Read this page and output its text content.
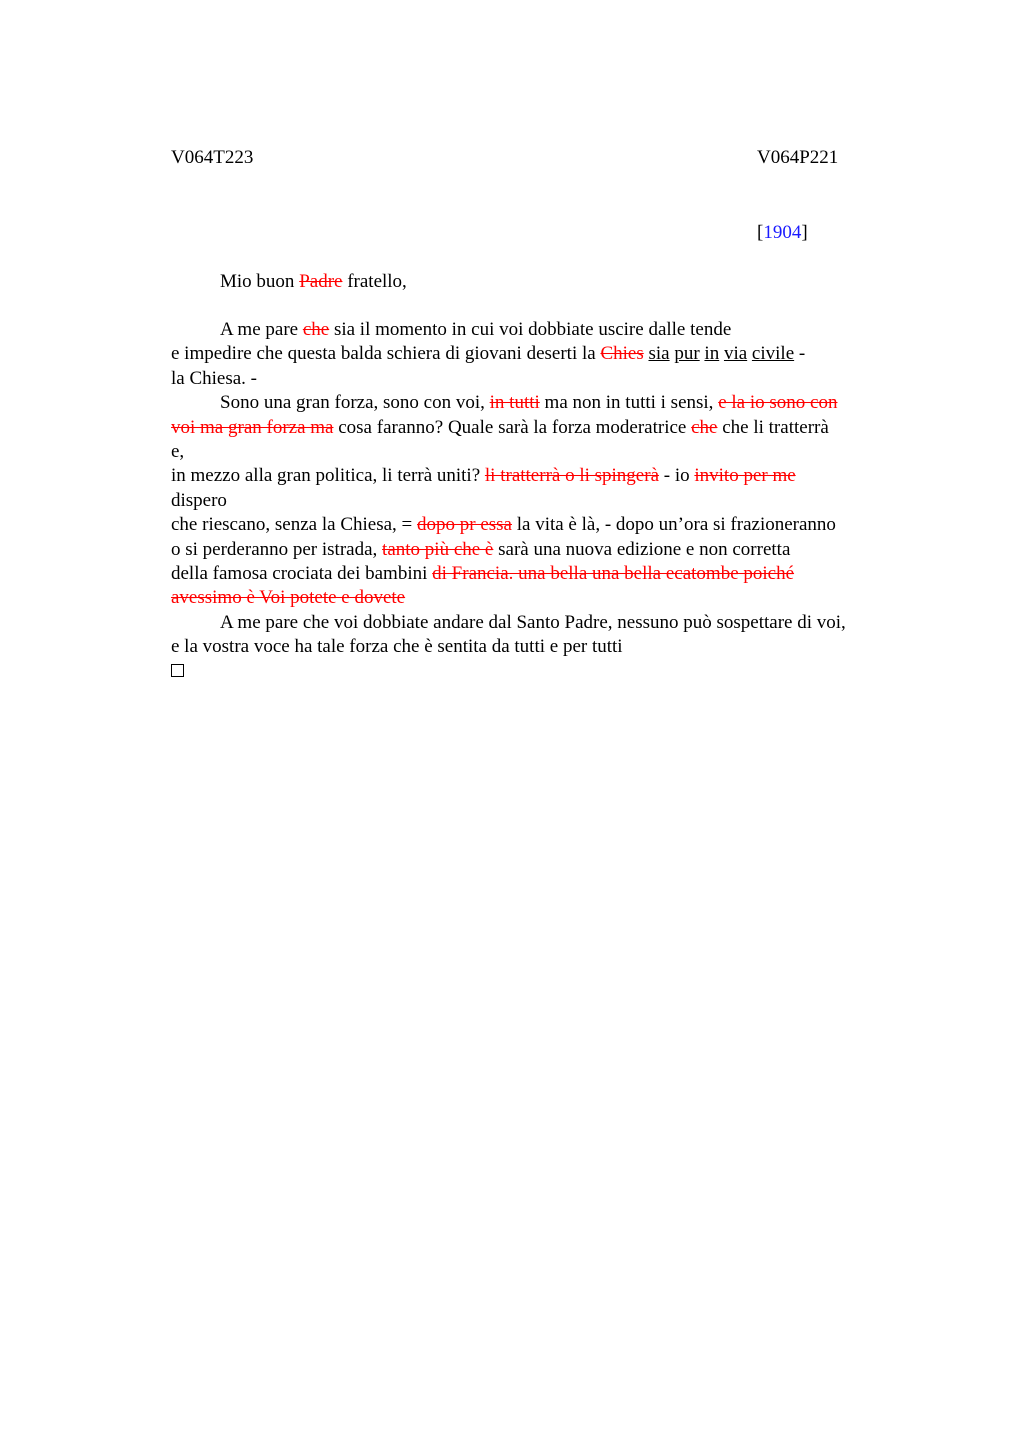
V064T223	V064P221
[1904]
Mio buon Padre fratello,
A me pare che sia il momento in cui voi dobbiate uscire dalle tende
e impedire che questa balda schiera di giovani deserti la Chies sia pur in via civile -
la Chiesa. -
Sono una gran forza, sono con voi, in tutti ma non in tutti i sensi, e la io sono con
voi ma gran forza ma cosa faranno? Quale sarà la forza moderatrice che che li tratterrà
e,
in mezzo alla gran politica, li terrà uniti? li tratterrà o li spingerà - io invito per me
dispero
che riescano, senza la Chiesa, = dopo pr essa la vita è là, - dopo un’ora si frazioneranno
o si perderanno per istrada, tanto più che è sarà una nuova edizione e non corretta
della famosa crociata dei bambini di Francia. una bella una bella ecatombe poiché
avessimo è Voi potete e dovete
A me pare che voi dobbiate andare dal Santo Padre, nessuno può sospettare di voi,
e la vostra voce ha tale forza che è sentita da tutti e per tutti
